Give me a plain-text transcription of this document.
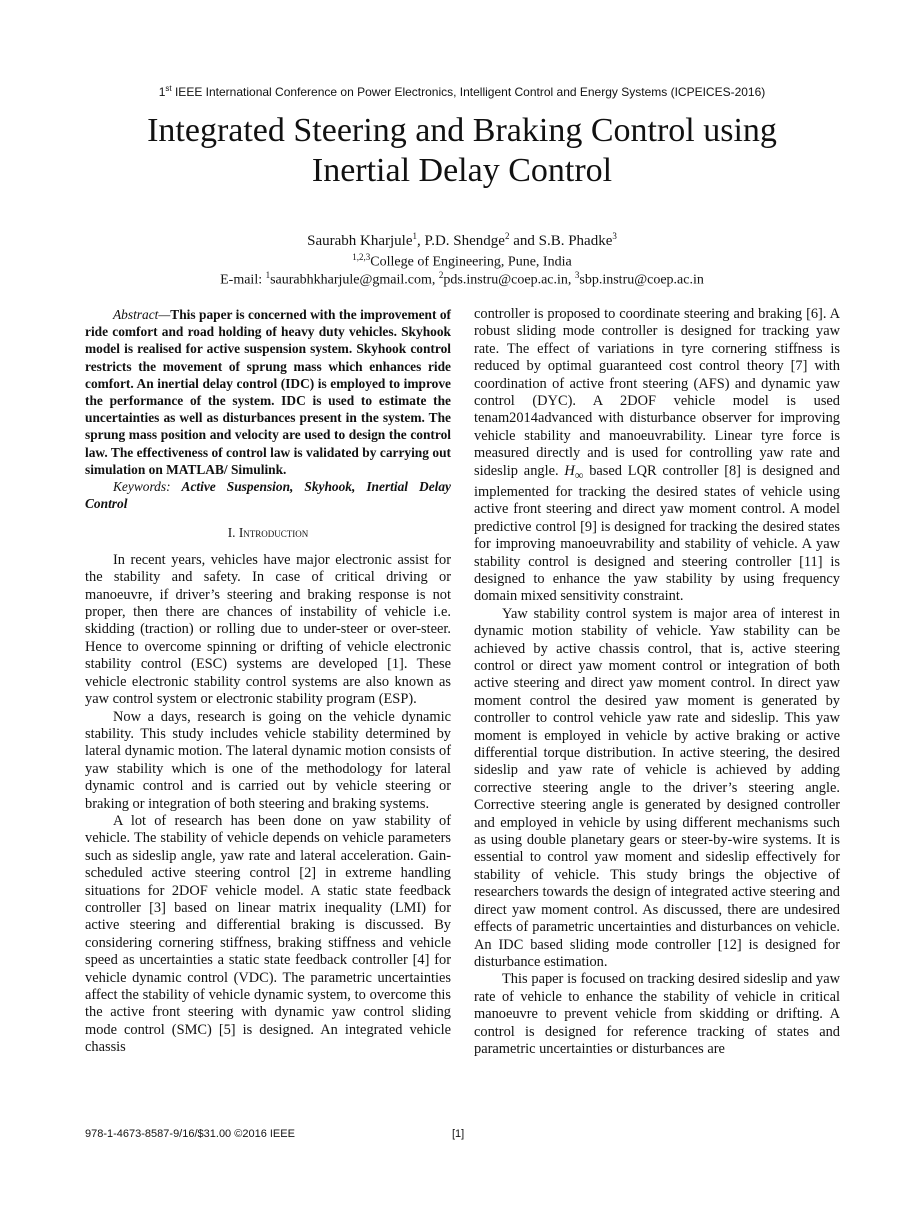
1st IEEE International Conference on Power Electronics, Intelligent Control and Energy Systems (ICPEICES-2016)
Integrated Steering and Braking Control using
Inertial Delay Control
Saurabh Kharjule$^1$, P.D. Shendge$^2$ and S.B. Phadke$^3$
$^{1,2,3}$College of Engineering, Pune, India
E-mail: $^1$saurabhkharjule@gmail.com, $^2$pds.instru@coep.ac.in, $^3$sbp.instru@coep.ac.in

Abstract—This paper is concerned with the improvement of ride comfort and road holding of heavy duty vehicles. Skyhook model is realised for active suspension system. Skyhook control restricts the movement of sprung mass which enhances ride comfort. An inertial delay control (IDC) is employed to improve the performance of the system. IDC is used to estimate the uncertainties as well as disturbances present in the system. The sprung mass position and velocity are used to design the control law. The effectiveness of control law is validated by carrying out simulation on MATLAB/ Simulink.

Keywords: Active Suspension, Skyhook, Inertial Delay Control

I. Introduction

In recent years, vehicles have major electronic assist for the stability and safety. In case of critical driving or manoeuvre, if driver’s steering and braking response is not proper, then there are chances of instability of vehicle i.e. skidding (traction) or rolling due to under-steer or over-steer. Hence to overcome spinning or drifting of vehicle electronic stability control (ESC) systems are developed [1]. These vehicle electronic stability control systems are also known as yaw control system or electronic stability program (ESP).

Now a days, research is going on the vehicle dynamic stability. This study includes vehicle stability determined by lateral dynamic motion. The lateral dynamic motion consists of yaw stability which is one of the methodology for lateral dynamic control and is carried out by vehicle steering or braking or integration of both steering and braking systems.

A lot of research has been done on yaw stability of vehicle. The stability of vehicle depends on vehicle parameters such as sideslip angle, yaw rate and lateral acceleration. Gain-scheduled active steering control [2] in extreme handling situations for 2DOF vehicle model. A static state feedback controller [3] based on linear matrix inequality (LMI) for active steering and differential braking is discussed. By considering cornering stiffness, braking stiffness and vehicle speed as uncertainties a static state feedback controller [4] for vehicle dynamic control (VDC). The parametric uncertainties affect the stability of vehicle dynamic system, to overcome this the active front steering with dynamic yaw control sliding mode control (SMC) [5] is designed. An integrated vehicle chassis

controller is proposed to coordinate steering and braking [6]. A robust sliding mode controller is designed for tracking yaw rate. The effect of variations in tyre cornering stiffness is reduced by optimal guaranteed cost control theory [7] with coordination of active front steering (AFS) and dynamic yaw control (DYC). A 2DOF vehicle model is used tenam2014advanced with disturbance observer for improving vehicle stability and manoeuvrability. Linear tyre force is measured directly and is used for controlling yaw rate and sideslip angle. $H_\infty$ based LQR controller [8] is designed and implemented for tracking the desired states of vehicle using active front steering and direct yaw moment control. A model predictive control [9] is designed for tracking the desired states for improving manoeuvrability and stability of vehicle. A yaw stability control is designed and steering controller [11] is designed to enhance the yaw stability by using frequency domain mixed sensitivity constraint.

Yaw stability control system is major area of interest in dynamic motion stability of vehicle. Yaw stability can be achieved by active chassis control, that is, active steering control or direct yaw moment control or integration of both active steering and direct yaw moment control. In direct yaw moment control the desired yaw moment is generated by controller to control vehicle yaw rate and sideslip. This yaw moment is employed in vehicle by active braking or active differential torque distribution. In active steering, the desired sideslip and yaw rate of vehicle is achieved by adding corrective steering angle to the driver’s steering angle. Corrective steering angle is generated by designed controller and employed in vehicle by using different mechanisms such as using double planetary gears or steer-by-wire systems. It is essential to control yaw moment and sideslip effectively for stability of vehicle. This study brings the objective of researchers towards the design of integrated active steering and direct yaw moment control. As discussed, there are undesired effects of parametric uncertainties and disturbances on vehicle. An IDC based sliding mode controller [12] is designed for disturbance estimation.

This paper is focused on tracking desired sideslip and yaw rate of vehicle to enhance the stability of vehicle in critical manoeuvre to prevent vehicle from skidding or drifting. A control is designed for reference tracking of states and parametric uncertainties or disturbances are

978-1-4673-8587-9/16/$31.00 ©2016 IEEE	[1]
